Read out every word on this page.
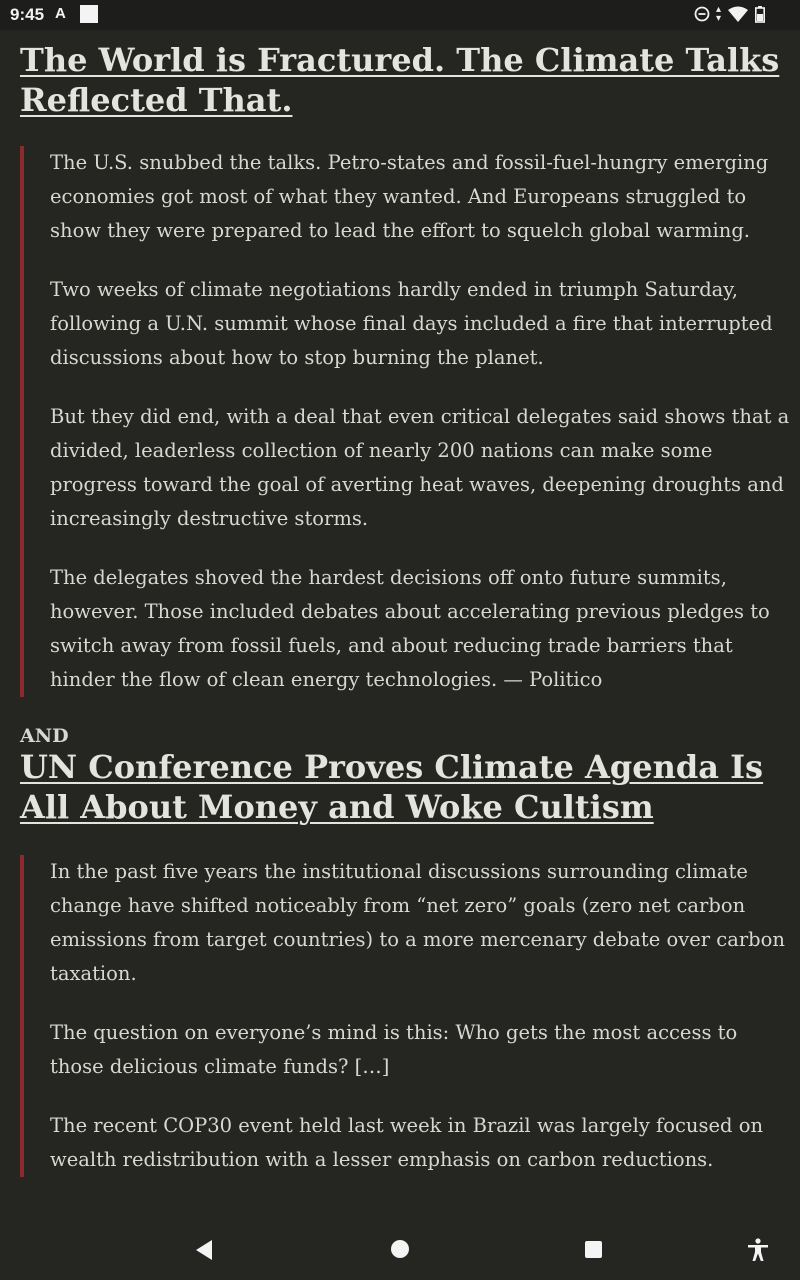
9:45 A	▴
▾
The World is Fractured. The Climate Talks Reflected That.

The U.S. snubbed the talks. Petro-states and fossil-fuel-hungry emerging economies got most of what they wanted. And Europeans struggled to show they were prepared to lead the effort to squelch global warming.

Two weeks of climate negotiations hardly ended in triumph Saturday, following a U.N. summit whose final days included a fire that interrupted discussions about how to stop burning the planet.

But they did end, with a deal that even critical delegates said shows that a divided, leaderless collection of nearly 200 nations can make some progress toward the goal of averting heat waves, deepening droughts and increasingly destructive storms.

The delegates shoved the hardest decisions off onto future summits, however. Those included debates about accelerating previous pledges to switch away from fossil fuels, and about reducing trade barriers that hinder the flow of clean energy technologies. — Politico

AND

UN Conference Proves Climate Agenda Is All About Money and Woke Cultism

In the past five years the institutional discussions surrounding climate change have shifted noticeably from “net zero” goals (zero net carbon emissions from target countries) to a more mercenary debate over carbon taxation.

The question on everyone’s mind is this: Who gets the most access to those delicious climate funds? […]

The recent COP30 event held last week in Brazil was largely focused on wealth redistribution with a lesser emphasis on carbon reductions.
